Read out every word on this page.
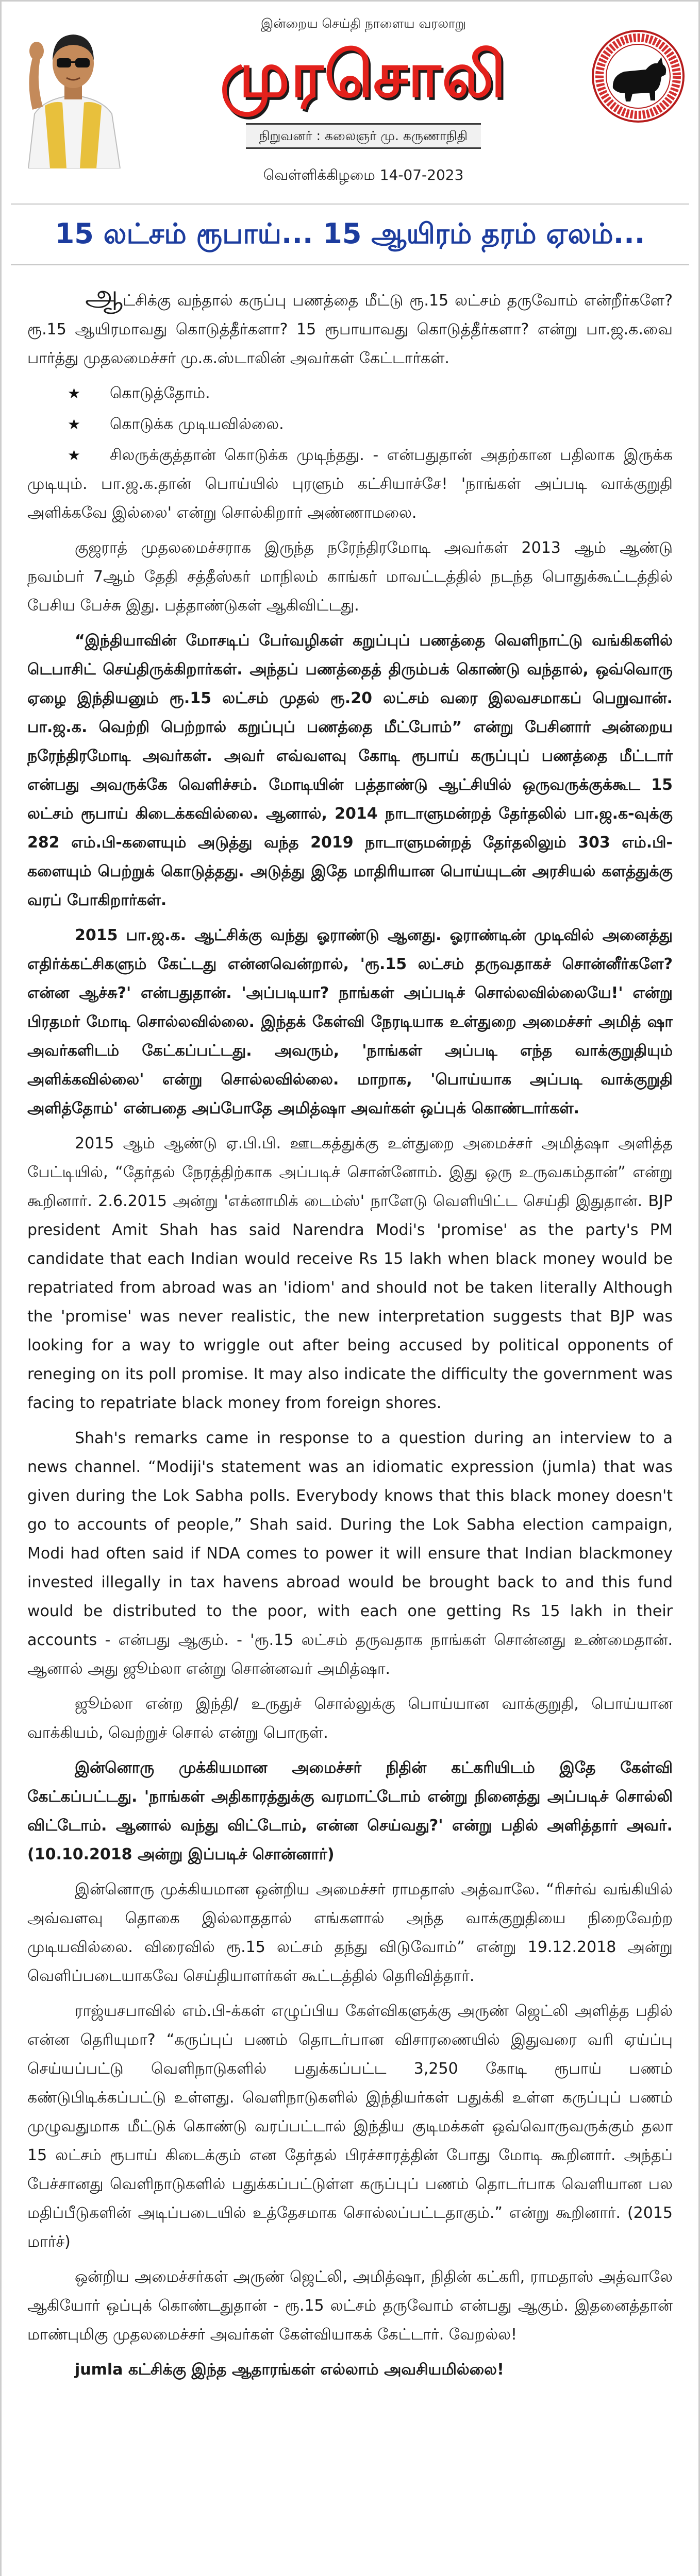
இன்றைய செய்தி நாளைய வரலாறு
முரசொலி
நிறுவனர் : கலைஞர் மு. கருணாநிதி
வெள்ளிக்கிழமை 14-07-2023
15 லட்சம் ரூபாய்... 15 ஆயிரம் தரம் ஏலம்...

ஆட்சிக்கு வந்தால் கருப்பு பணத்தை மீட்டு ரூ.15 லட்சம் தருவோம் என்றீர்களே? ரூ.15 ஆயிரமாவது கொடுத்தீர்களா? 15 ரூபாயாவது கொடுத்தீர்களா? என்று பா.ஜ.க.வை பார்த்து முதலமைச்சர் மு.க.ஸ்டாலின் அவர்கள் கேட்டார்கள்.

★ கொடுத்தோம்.

★ கொடுக்க முடியவில்லை.

★ சிலருக்குத்தான் கொடுக்க முடிந்தது. - என்பதுதான் அதற்கான பதிலாக இருக்க முடியும். பா.ஜ.க.தான் பொய்யில் புரளும் கட்சியாச்சே! 'நாங்கள் அப்படி வாக்குறுதி அளிக்கவே இல்லை' என்று சொல்கிறார் அண்ணாமலை.

குஜராத் முதலமைச்சராக இருந்த நரேந்திரமோடி அவர்கள் 2013 ஆம் ஆண்டு நவம்பர் 7ஆம் தேதி சத்தீஸ்கர் மாநிலம் காங்கர் மாவட்டத்தில் நடந்த பொதுக்கூட்டத்தில் பேசிய பேச்சு இது. பத்தாண்டுகள் ஆகிவிட்டது.

“இந்தியாவின் மோசடிப் பேர்வழிகள் கறுப்புப் பணத்தை வெளிநாட்டு வங்கிகளில் டெபாசிட் செய்திருக்கிறார்கள். அந்தப் பணத்தைத் திரும்பக் கொண்டு வந்தால், ஒவ்வொரு ஏழை இந்தியனும் ரூ.15 லட்சம் முதல் ரூ.20 லட்சம் வரை இலவசமாகப் பெறுவான். பா.ஜ.க. வெற்றி பெற்றால் கறுப்புப் பணத்தை மீட்போம்” என்று பேசினார் அன்றைய நரேந்திரமோடி அவர்கள். அவர் எவ்வளவு கோடி ரூபாய் கருப்புப் பணத்தை மீட்டார் என்பது அவருக்கே வெளிச்சம். மோடியின் பத்தாண்டு ஆட்சியில் ஒருவருக்குக்கூட 15 லட்சம் ரூபாய் கிடைக்கவில்லை. ஆனால், 2014 நாடாளுமன்றத் தேர்தலில் பா.ஜ.க-வுக்கு 282 எம்.பி-களையும் அடுத்து வந்த 2019 நாடாளுமன்றத் தேர்தலிலும் 303 எம்.பி-களையும் பெற்றுக் கொடுத்தது. அடுத்து இதே மாதிரியான பொய்யுடன் அரசியல் களத்துக்கு வரப் போகிறார்கள்.

2015 பா.ஜ.க. ஆட்சிக்கு வந்து ஓராண்டு ஆனது. ஓராண்டின் முடிவில் அனைத்து எதிர்க்கட்சிகளும் கேட்டது என்னவென்றால், 'ரூ.15 லட்சம் தருவதாகச் சொன்னீர்களே? என்ன ஆச்சு?' என்பதுதான். 'அப்படியா? நாங்கள் அப்படிச் சொல்லவில்லையே!' என்று பிரதமர் மோடி சொல்லவில்லை. இந்தக் கேள்வி நேரடியாக உள்துறை அமைச்சர் அமித் ஷா அவர்களிடம் கேட்கப்பட்டது. அவரும், 'நாங்கள் அப்படி எந்த வாக்குறுதியும் அளிக்கவில்லை' என்று சொல்லவில்லை. மாறாக, 'பொய்யாக அப்படி வாக்குறுதி அளித்தோம்' என்பதை அப்போதே அமித்ஷா அவர்கள் ஒப்புக் கொண்டார்கள்.

2015 ஆம் ஆண்டு ஏ.பி.பி. ஊடகத்துக்கு உள்துறை அமைச்சர் அமித்ஷா அளித்த பேட்டியில், “தேர்தல் நேரத்திற்காக அப்படிச் சொன்னோம். இது ஒரு உருவகம்தான்” என்று கூறினார். 2.6.2015 அன்று 'எக்னாமிக் டைம்ஸ்' நாளேடு வெளியிட்ட செய்தி இதுதான். BJP president Amit Shah has said Narendra Modi's 'promise' as the party's PM candidate that each Indian would receive Rs 15 lakh when black money would be repatriated from abroad was an 'idiom' and should not be taken literally Although the 'promise' was never realistic, the new interpretation suggests that BJP was looking for a way to wriggle out after being accused by political opponents of reneging on its poll promise. It may also indicate the difficulty the government was facing to repatriate black money from foreign shores.

Shah's remarks came in response to a question during an interview to a news channel. “Modiji's statement was an idiomatic expression (jumla) that was given during the Lok Sabha polls. Everybody knows that this black money doesn't go to accounts of people,” Shah said. During the Lok Sabha election campaign, Modi had often said if NDA comes to power it will ensure that Indian blackmoney invested illegally in tax havens abroad would be brought back to and this fund would be distributed to the poor, with each one getting Rs 15 lakh in their accounts - என்பது ஆகும். - 'ரூ.15 லட்சம் தருவதாக நாங்கள் சொன்னது உண்மைதான். ஆனால் அது ஜூம்லா என்று சொன்னவர் அமித்ஷா.

ஜூம்லா என்ற இந்தி/ உருதுச் சொல்லுக்கு பொய்யான வாக்குறுதி, பொய்யான வாக்கியம், வெற்றுச் சொல் என்று பொருள்.

இன்னொரு முக்கியமான அமைச்சர் நிதின் கட்கரியிடம் இதே கேள்வி கேட்கப்பட்டது. 'நாங்கள் அதிகாரத்துக்கு வரமாட்டோம் என்று நினைத்து அப்படிச் சொல்லி விட்டோம். ஆனால் வந்து விட்டோம், என்ன செய்வது?' என்று பதில் அளித்தார் அவர். (10.10.2018 அன்று இப்படிச் சொன்னார்)

இன்னொரு முக்கியமான ஒன்றிய அமைச்சர் ராமதாஸ் அத்வாலே. “ரிசர்வ் வங்கியில் அவ்வளவு தொகை இல்லாததால் எங்களால் அந்த வாக்குறுதியை நிறைவேற்ற முடியவில்லை. விரைவில் ரூ.15 லட்சம் தந்து விடுவோம்” என்று 19.12.2018 அன்று வெளிப்படையாகவே செய்தியாளர்கள் கூட்டத்தில் தெரிவித்தார்.

ராஜ்யசபாவில் எம்.பி-க்கள் எழுப்பிய கேள்விகளுக்கு அருண் ஜெட்லி அளித்த பதில் என்ன தெரியுமா? “கருப்புப் பணம் தொடர்பான விசாரணையில் இதுவரை வரி ஏய்ப்பு செய்யப்பட்டு வெளிநாடுகளில் பதுக்கப்பட்ட 3,250 கோடி ரூபாய் பணம் கண்டுபிடிக்கப்பட்டு உள்ளது. வெளிநாடுகளில் இந்தியர்கள் பதுக்கி உள்ள கருப்புப் பணம் முழுவதுமாக மீட்டுக் கொண்டு வரப்பட்டால் இந்திய குடிமக்கள் ஒவ்வொருவருக்கும் தலா 15 லட்சம் ரூபாய் கிடைக்கும் என தேர்தல் பிரச்சாரத்தின் போது மோடி கூறினார். அந்தப் பேச்சானது வெளிநாடுகளில் பதுக்கப்பட்டுள்ள கருப்புப் பணம் தொடர்பாக வெளியான பல மதிப்பீடுகளின் அடிப்படையில் உத்தேசமாக சொல்லப்பட்டதாகும்.” என்று கூறினார். (2015 மார்ச்)

ஒன்றிய அமைச்சர்கள் அருண் ஜெட்லி, அமித்ஷா, நிதின் கட்கரி, ராமதாஸ் அத்வாலே ஆகியோர் ஒப்புக் கொண்டதுதான் - ரூ.15 லட்சம் தருவோம் என்பது ஆகும். இதனைத்தான் மாண்புமிகு முதலமைச்சர் அவர்கள் கேள்வியாகக் கேட்டார். வேறல்ல!

jumla கட்சிக்கு இந்த ஆதாரங்கள் எல்லாம் அவசியமில்லை!
